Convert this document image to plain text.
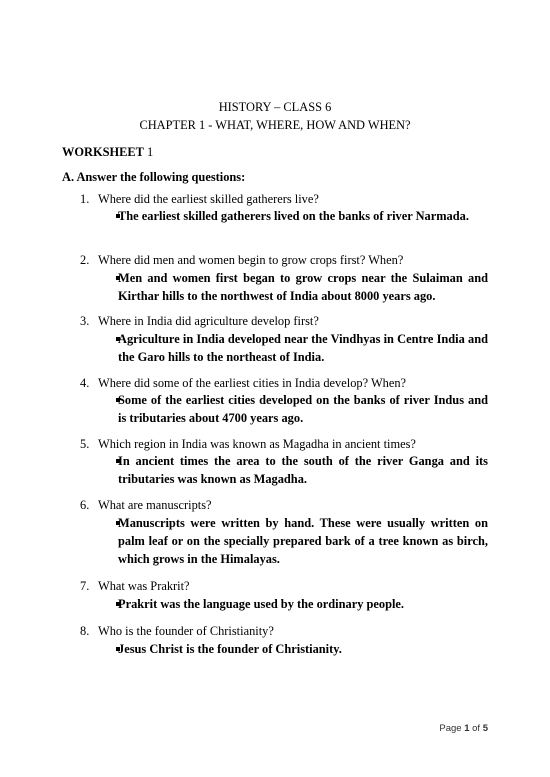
HISTORY – CLASS 6
CHAPTER 1 - WHAT, WHERE, HOW AND WHEN?
WORKSHEET 1
A. Answer the following questions:
1. Where did the earliest skilled gatherers live?
The earliest skilled gatherers lived on the banks of river Narmada.
2. Where did men and women begin to grow crops first? When?
Men and women first began to grow crops near the Sulaiman and Kirthar hills to the northwest of India about 8000 years ago.
3. Where in India did agriculture develop first?
Agriculture in India developed near the Vindhyas in Centre India and the Garo hills to the northeast of India.
4. Where did some of the earliest cities in India develop? When?
Some of the earliest cities developed on the banks of river Indus and is tributaries about 4700 years ago.
5. Which region in India was known as Magadha in ancient times?
In ancient times the area to the south of the river Ganga and its tributaries was known as Magadha.
6. What are manuscripts?
Manuscripts were written by hand. These were usually written on palm leaf or on the specially prepared bark of a tree known as birch, which grows in the Himalayas.
7. What was Prakrit?
Prakrit was the language used by the ordinary people.
8. Who is the founder of Christianity?
Jesus Christ is the founder of Christianity.
Page 1 of 5
